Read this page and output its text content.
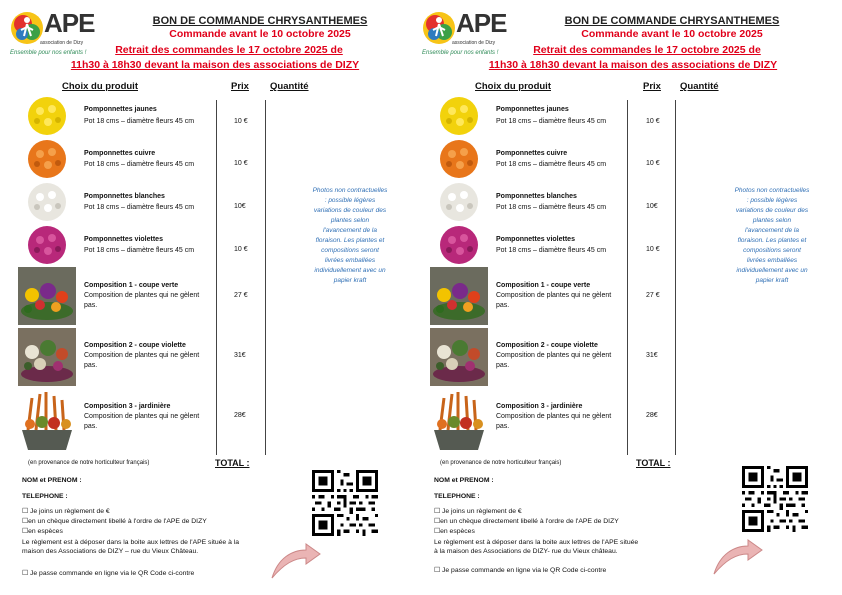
APE
association de Dizy
Ensemble pour nos enfants !
BON DE COMMANDE CHRYSANTHEMES
Commande avant le 10 octobre 2025
Retrait des commandes le 17 octobre 2025 de
11h30 à 18h30 devant la maison des associations de DIZY
Choix du produit	Prix Quantité
Pomponnettes jaunes
Pot 18 cms – diamètre fleurs 45 cm	10 €
Pomponnettes cuivre
Pot 18 cms – diamètre fleurs 45 cm	10 €
Pomponnettes blanches
Pot 18 cms – diamètre fleurs 45 cm	10€
Pomponnettes violettes
Pot 18 cms – diamètre fleurs 45 cm	10 €
Composition 1 - coupe verte
Composition de plantes qui ne gèlent pas.
27 €
Composition 2 - coupe violette
Composition de plantes qui ne gèlent pas.
31€
Composition 3 - jardinière
Composition de plantes qui ne gèlent pas.
28€
Photos non contractuelles : possible légères variations de couleur des plantes selon l'avancement de la floraison. Les plantes et compositions seront livrées emballées individuellement avec un papier kraft
(en provenance de notre horticulteur français)	TOTAL :
NOM et PRENOM :
TELEPHONE :
☐ Je joins un règlement de €
☐en un chèque directement libellé à l'ordre de l'APE de DIZY
☐en espèces
Le règlement est à déposer dans la boite aux lettres de l'APE située à la
maison des Associations de DIZY – rue du Vieux Château.
☐ Je passe commande en ligne via le QR Code ci-contre
APE
association de Dizy
Ensemble pour nos enfants !
BON DE COMMANDE CHRYSANTHEMES
Commande avant le 10 octobre 2025
Retrait des commandes le 17 octobre 2025 de
11h30 à 18h30 devant la maison des associations de DIZY
Choix du produit	Prix Quantité
Pomponnettes jaunes
Pot 18 cms – diamètre fleurs 45 cm	10 €
Pomponnettes cuivre
Pot 18 cms – diamètre fleurs 45 cm	10 €
Pomponnettes blanches
Pot 18 cms – diamètre fleurs 45 cm	10€
Pomponnettes violettes
Pot 18 cms – diamètre fleurs 45 cm	10 €
Composition 1 - coupe verte
Composition de plantes qui ne gèlent pas.
27 €
Composition 2 - coupe violette
Composition de plantes qui ne gèlent pas.
31€
Composition 3 - jardinière
Composition de plantes qui ne gèlent pas.
28€
Photos non contractuelles : possible légères variations de couleur des plantes selon l'avancement de la floraison. Les plantes et compositions seront livrées emballées individuellement avec un papier kraft
(en provenance de notre horticulteur français)	TOTAL :
NOM et PRENOM :
TELEPHONE :
☐ Je joins un règlement de €
☐en un chèque directement libellé à l'ordre de l'APE de DIZY
☐en espèces
Le règlement est à déposer dans la boite aux lettres de l'APE située
à la maison des Associations de DIZY- rue du Vieux château.
☐ Je passe commande en ligne via le QR Code ci-contre
